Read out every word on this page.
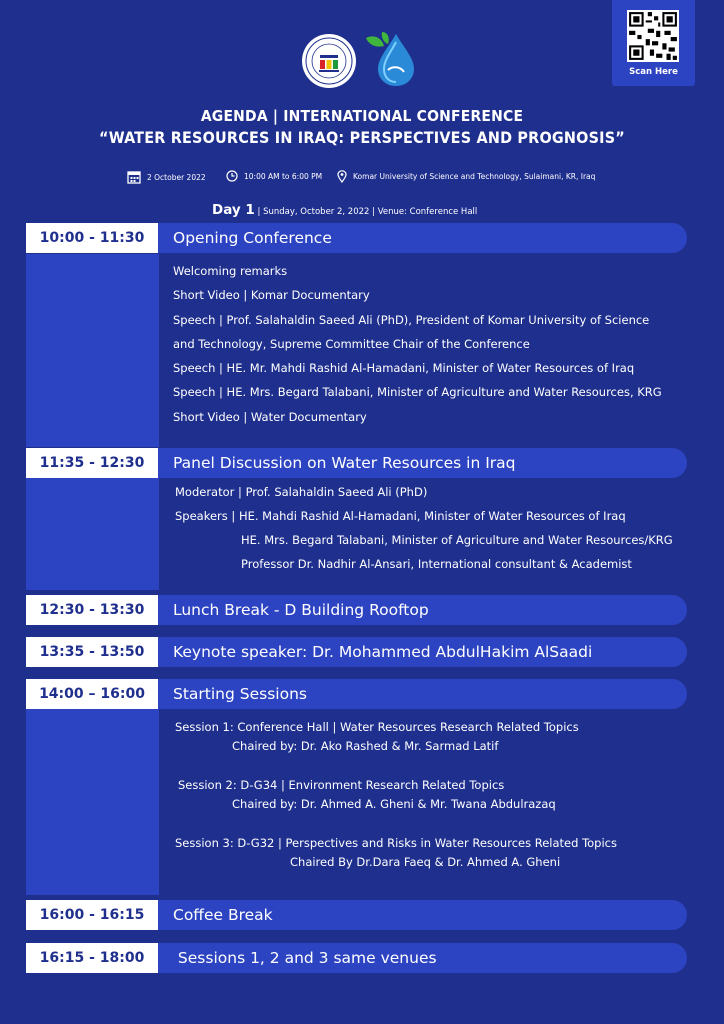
Scan Here
AGENDA | INTERNATIONAL CONFERENCE
“WATER RESOURCES IN IRAQ: PERSPECTIVES AND PROGNOSIS”
2 October 2022	10:00 AM to 6:00 PM	Komar University of Science and Technology, Sulaimani, KR, Iraq
Day 1 | Sunday, October 2, 2022 | Venue: Conference Hall
10:00 - 11:30	Opening Conference
Welcoming remarks
Short Video | Komar Documentary
Speech | Prof. Salahaldin Saeed Ali (PhD), President of Komar University of Science
and Technology, Supreme Committee Chair of the Conference
Speech | HE. Mr. Mahdi Rashid Al-Hamadani, Minister of Water Resources of Iraq
Speech | HE. Mrs. Begard Talabani, Minister of Agriculture and Water Resources, KRG
Short Video | Water Documentary
11:35 - 12:30	Panel Discussion on Water Resources in Iraq
Moderator | Prof. Salahaldin Saeed Ali (PhD)
Speakers | HE. Mahdi Rashid Al-Hamadani, Minister of Water Resources of Iraq
HE. Mrs. Begard Talabani, Minister of Agriculture and Water Resources/KRG
Professor Dr. Nadhir Al-Ansari, International consultant & Academist
12:30 - 13:30	Lunch Break - D Building Rooftop
13:35 - 13:50	Keynote speaker: Dr. Mohammed AbdulHakim AlSaadi
14:00 – 16:00	Starting Sessions
Session 1: Conference Hall | Water Resources Research Related Topics
Chaired by: Dr. Ako Rashed & Mr. Sarmad Latif
Session 2: D-G34 | Environment Research Related Topics
Chaired by: Dr. Ahmed A. Gheni & Mr. Twana Abdulrazaq
Session 3: D-G32 | Perspectives and Risks in Water Resources Related Topics
Chaired By Dr.Dara Faeq & Dr. Ahmed A. Gheni
16:00 - 16:15	Coffee Break
16:15 - 18:00	Sessions 1, 2 and 3 same venues
